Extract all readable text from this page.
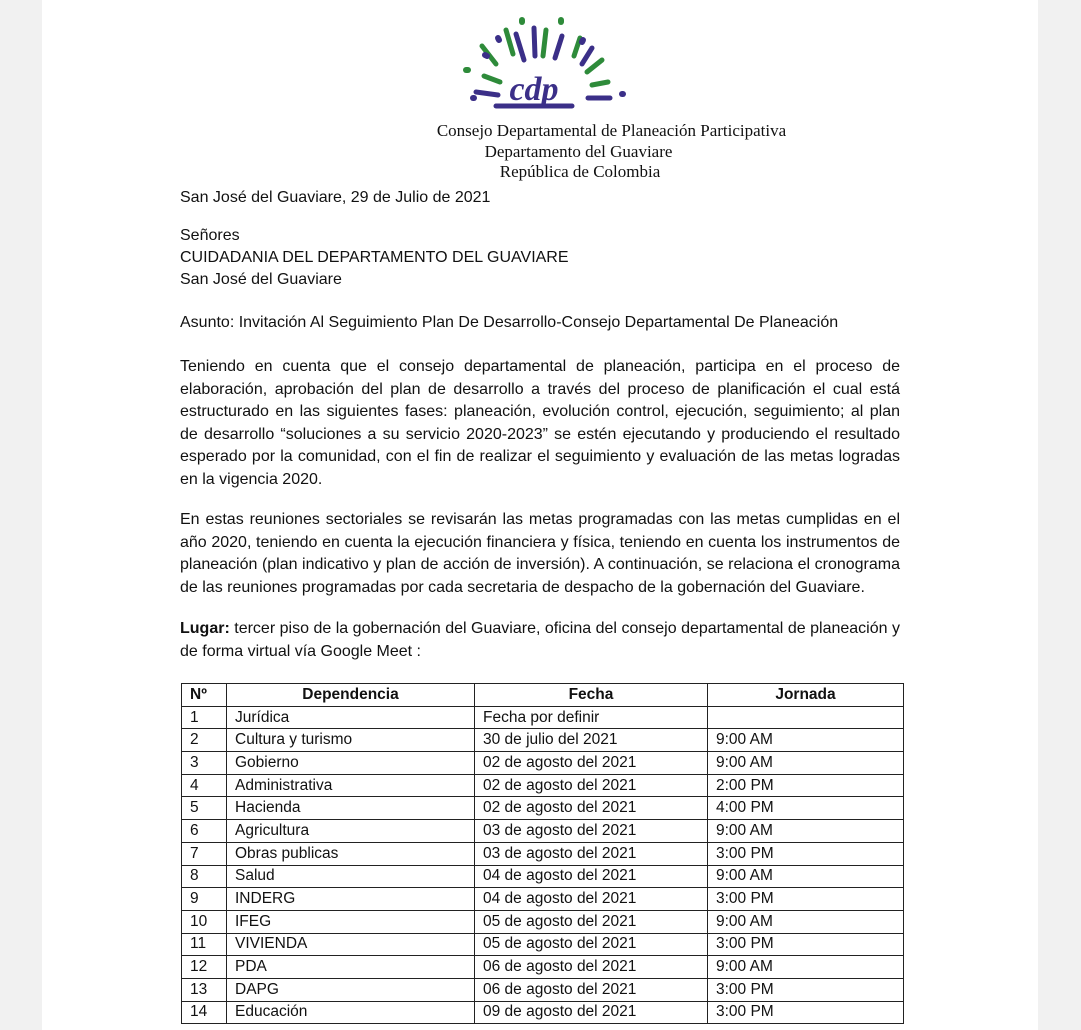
cdp
Consejo Departamental de Planeación Participativa
Departamento del Guaviare
República de Colombia
San José del Guaviare, 29 de Julio de 2021
Señores
CUIDADANIA DEL DEPARTAMENTO DEL GUAVIARE
San José del Guaviare
Asunto: Invitación Al Seguimiento Plan De Desarrollo-Consejo Departamental De Planeación

Teniendo en cuenta que el consejo departamental de planeación, participa en el proceso de elaboración, aprobación del plan de desarrollo a través del proceso de planificación el cual está estructurado en las siguientes fases: planeación, evolución control, ejecución, seguimiento; al plan de desarrollo “soluciones a su servicio 2020-2023” se estén ejecutando y produciendo el resultado esperado por la comunidad, con el fin de realizar el seguimiento y evaluación de las metas logradas en la vigencia 2020.

En estas reuniones sectoriales se revisarán las metas programadas con las metas cumplidas en el año 2020, teniendo en cuenta la ejecución financiera y física, teniendo en cuenta los instrumentos de planeación (plan indicativo y plan de acción de inversión). A continuación, se relaciona el cronograma de las reuniones programadas por cada secretaria de despacho de la gobernación del Guaviare.

Lugar: tercer piso de la gobernación del Guaviare, oficina del consejo departamental de planeación y de forma virtual vía Google Meet :

Nº	Dependencia	Fecha	Jornada
1	Jurídica	Fecha por definir	
2	Cultura y turismo	30 de julio del 2021	9:00 AM
3	Gobierno	02 de agosto del 2021	9:00 AM
4	Administrativa	02 de agosto del 2021	2:00 PM
5	Hacienda	02 de agosto del 2021	4:00 PM
6	Agricultura	03 de agosto del 2021	9:00 AM
7	Obras publicas	03 de agosto del 2021	3:00 PM
8	Salud	04 de agosto del 2021	9:00 AM
9	INDERG	04 de agosto del 2021	3:00 PM
10	IFEG	05 de agosto del 2021	9:00 AM
11	VIVIENDA	05 de agosto del 2021	3:00 PM
12	PDA	06 de agosto del 2021	9:00 AM
13	DAPG	06 de agosto del 2021	3:00 PM
14	Educación	09 de agosto del 2021	3:00 PM
